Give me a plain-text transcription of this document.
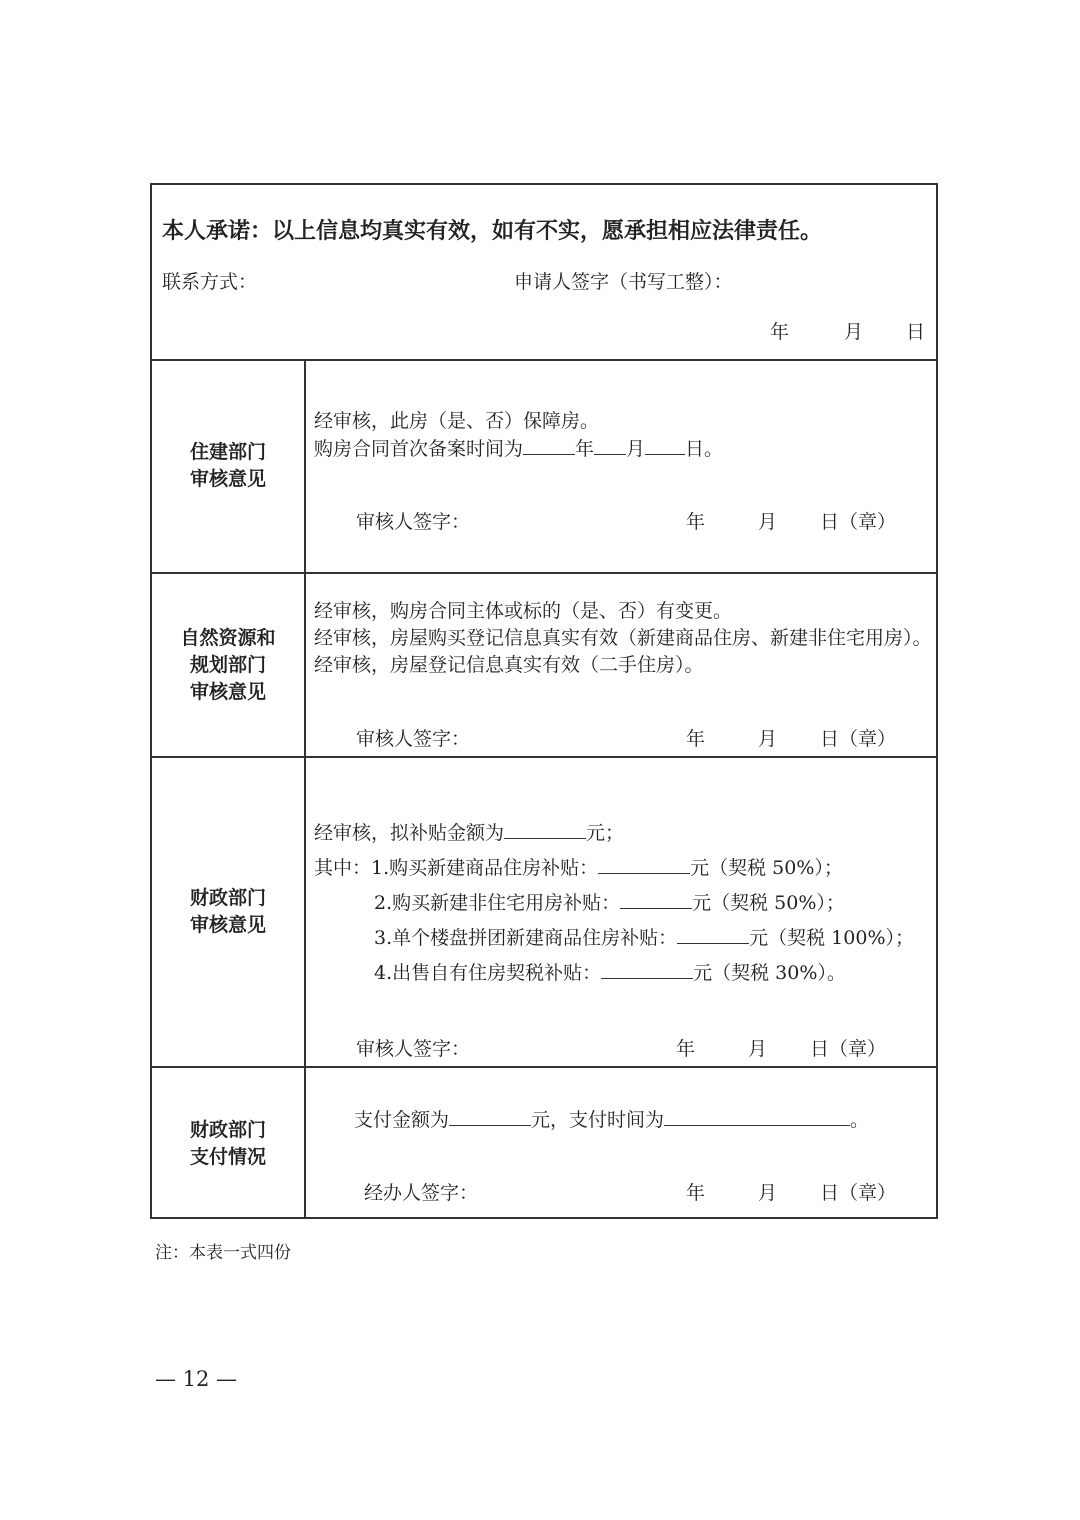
本人承诺：以上信息均真实有效，如有不实，愿承担相应法律责任。
联系方式：	申请人签字（书写工整）：
年	月 日
住建部门
审核意见
经审核，此房（是、否）保障房。
购房合同首次备案时间为	年 月 日。
审核人签字：	年	月 日（章）
自然资源和
规划部门
审核意见
经审核，购房合同主体或标的（是、否）有变更。
经审核，房屋购买登记信息真实有效（新建商品住房、新建非住宅用房）。
经审核，房屋登记信息真实有效（二手住房）。
审核人签字：	年	月 日（章）
财政部门
审核意见
经审核，拟补贴金额为	元；
其中：1.购买新建商品住房补贴：	元（契税 50%）；
2.购买新建非住宅用房补贴：	元（契税 50%）；
3.单个楼盘拼团新建商品住房补贴：	元（契税 100%）；
4.出售自有住房契税补贴：	元（契税 30%）。
审核人签字：	年	月 日（章）
财政部门
支付情况
支付金额为	元，支付时间为	。
经办人签字：	年	月 日（章）
注：本表一式四份
— 12 —
